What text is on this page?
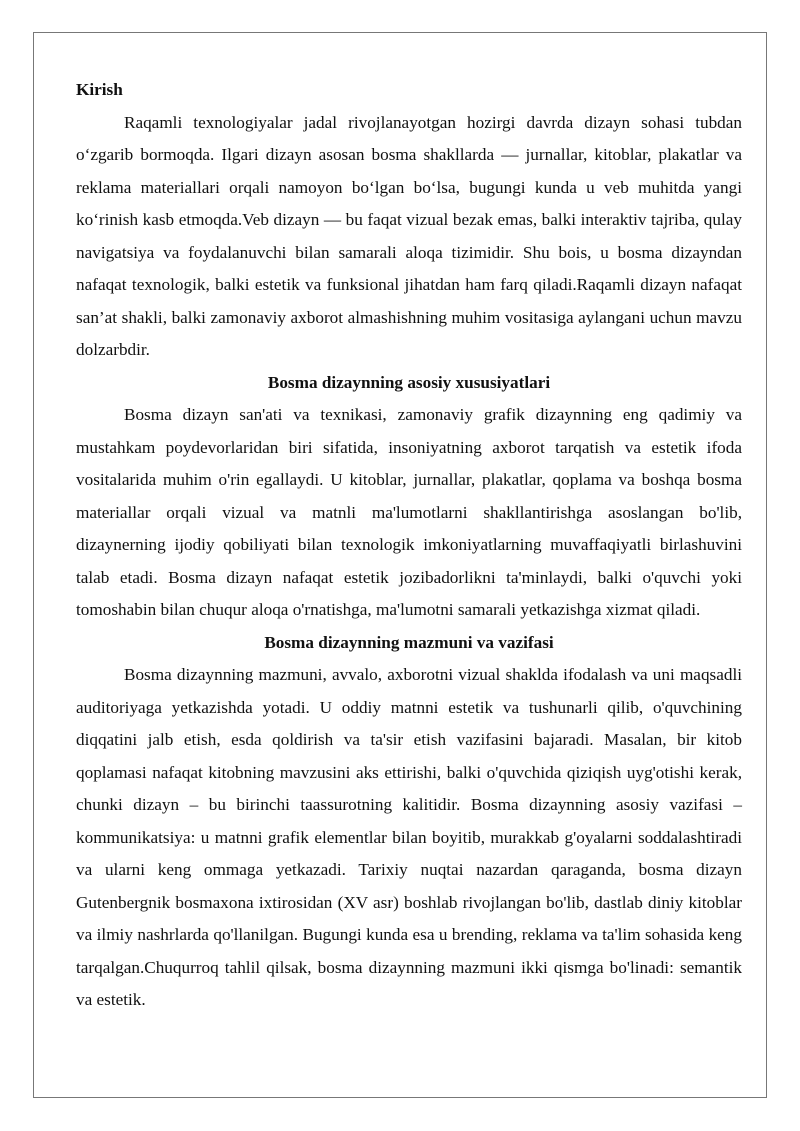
Kirish

Raqamli texnologiyalar jadal rivojlanayotgan hozirgi davrda dizayn sohasi tubdan o‘zgarib bormoqda. Ilgari dizayn asosan bosma shakllarda — jurnallar, kitoblar, plakatlar va reklama materiallari orqali namoyon bo‘lgan bo‘lsa, bugungi kunda u veb muhitda yangi ko‘rinish kasb etmoqda.Veb dizayn — bu faqat vizual bezak emas, balki interaktiv tajriba, qulay navigatsiya va foydalanuvchi bilan samarali aloqa tizimidir. Shu bois, u bosma dizayndan nafaqat texnologik, balki estetik va funksional jihatdan ham farq qiladi.Raqamli dizayn nafaqat san’at shakli, balki zamonaviy axborot almashishning muhim vositasiga aylangani uchun mavzu dolzarbdir.

Bosma dizaynning asosiy xususiyatlari

Bosma dizayn san'ati va texnikasi, zamonaviy grafik dizaynning eng qadimiy va mustahkam poydevorlaridan biri sifatida, insoniyatning axborot tarqatish va estetik ifoda vositalarida muhim o'rin egallaydi. U kitoblar, jurnallar, plakatlar, qoplama va boshqa bosma materiallar orqali vizual va matnli ma'lumotlarni shakllantirishga asoslangan bo'lib, dizaynerning ijodiy qobiliyati bilan texnologik imkoniyatlarning muvaffaqiyatli birlashuvini talab etadi. Bosma dizayn nafaqat estetik jozibadorlikni ta'minlaydi, balki o'quvchi yoki tomoshabin bilan chuqur aloqa o'rnatishga, ma'lumotni samarali yetkazishga xizmat qiladi.

Bosma dizaynning mazmuni va vazifasi

Bosma dizaynning mazmuni, avvalo, axborotni vizual shaklda ifodalash va uni maqsadli auditoriyaga yetkazishda yotadi. U oddiy matnni estetik va tushunarli qilib, o'quvchining diqqatini jalb etish, esda qoldirish va ta'sir etish vazifasini bajaradi. Masalan, bir kitob qoplamasi nafaqat kitobning mavzusini aks ettirishi, balki o'quvchida qiziqish uyg'otishi kerak, chunki dizayn – bu birinchi taassurotning kalitidir. Bosma dizaynning asosiy vazifasi – kommunikatsiya: u matnni grafik elementlar bilan boyitib, murakkab g'oyalarni soddalashtiradi va ularni keng ommaga yetkazadi. Tarixiy nuqtai nazardan qaraganda, bosma dizayn Gutenbergnik bosmaxona ixtirosidan (XV asr) boshlab rivojlangan bo'lib, dastlab diniy kitoblar va ilmiy nashrlarda qo'llanilgan. Bugungi kunda esa u brending, reklama va ta'lim sohasida keng tarqalgan.Chuqurroq tahlil qilsak, bosma dizaynning mazmuni ikki qismga bo'linadi: semantik va estetik.
